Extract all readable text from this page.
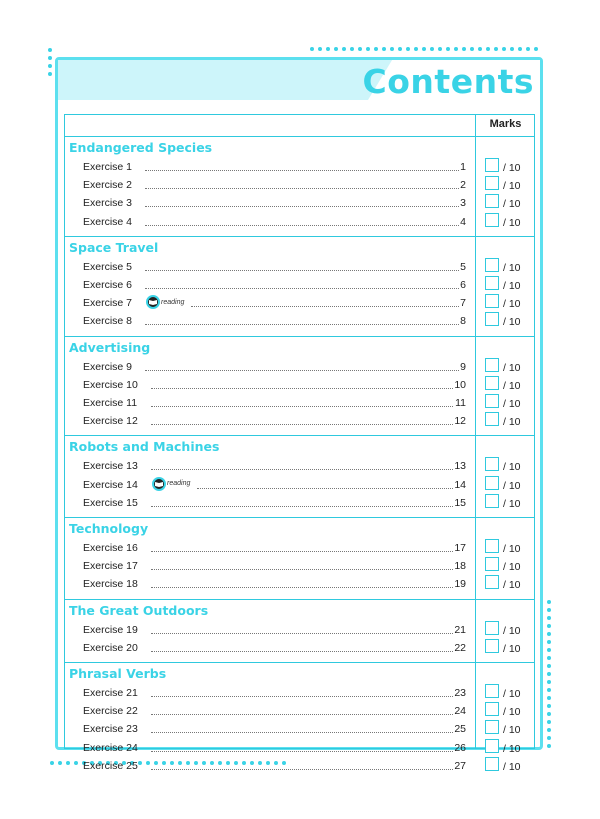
Contents
Marks
Endangered Species
Exercise 1	1	/ 10
Exercise 2	2	/ 10
Exercise 3	3	/ 10
Exercise 4	4	/ 10
Space Travel
Exercise 5	5	/ 10
Exercise 6	6	/ 10
Exercise 7	reading	7	/ 10
Exercise 8	8	/ 10
Advertising
Exercise 9	9	/ 10
Exercise 10	10	/ 10
Exercise 11	11	/ 10
Exercise 12	12	/ 10
Robots and Machines
Exercise 13	13	/ 10
Exercise 14	reading	14	/ 10
Exercise 15	15	/ 10
Technology
Exercise 16	17	/ 10
Exercise 17	18	/ 10
Exercise 18	19	/ 10
The Great Outdoors
Exercise 19	21	/ 10
Exercise 20	22	/ 10
Phrasal Verbs
Exercise 21	23	/ 10
Exercise 22	24	/ 10
Exercise 23	25	/ 10
Exercise 24	26	/ 10
Exercise 25	27	/ 10
